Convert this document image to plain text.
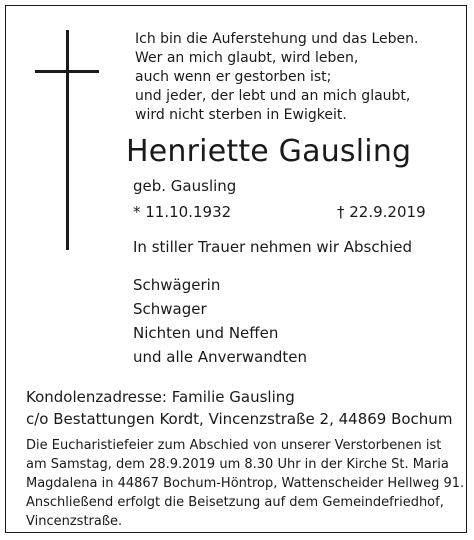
Ich bin die Auferstehung und das Leben.
Wer an mich glaubt, wird leben,
auch wenn er gestorben ist;
und jeder, der lebt und an mich glaubt,
wird nicht sterben in Ewigkeit.
Henriette Gausling
geb. Gausling
* 11.10.1932	† 22.9.2019
In stiller Trauer nehmen wir Abschied
Schwägerin
Schwager
Nichten und Neffen
und alle Anverwandten
Kondolenzadresse: Familie Gausling
c/o Bestattungen Kordt, Vincenzstraße 2, 44869 Bochum
Die Eucharistiefeier zum Abschied von unserer Verstorbenen ist
am Samstag, dem 28.9.2019 um 8.30 Uhr in der Kirche St. Maria
Magdalena in 44867 Bochum-Höntrop, Wattenscheider Hellweg 91.
Anschließend erfolgt die Beisetzung auf dem Gemeindefriedhof,
Vincenzstraße.
